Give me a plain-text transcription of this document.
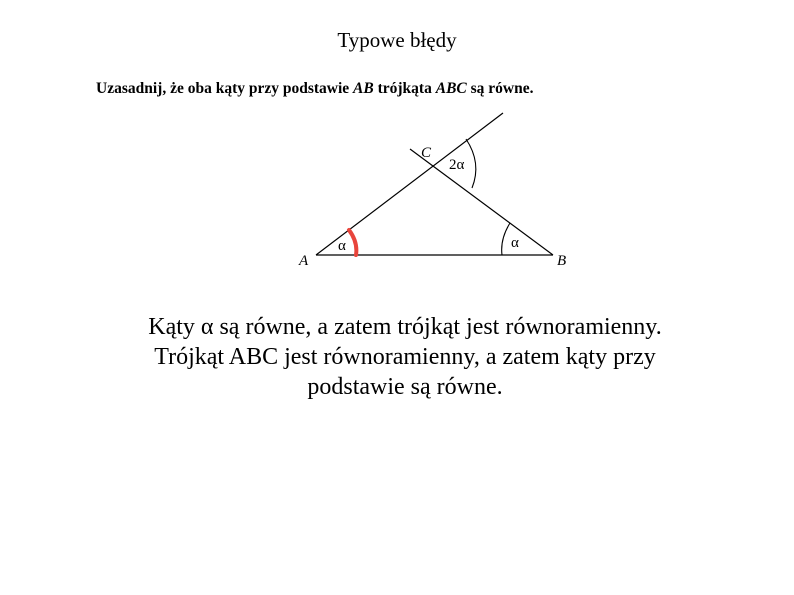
Typowe błędy
Uzasadnij, że oba kąty przy podstawie AB trójkąta ABC są równe.
A	B
C
α	α
2α
Kąty α są równe, a zatem trójkąt jest równoramienny.
Trójkąt ABC jest równoramienny, a zatem kąty przy
podstawie są równe.
